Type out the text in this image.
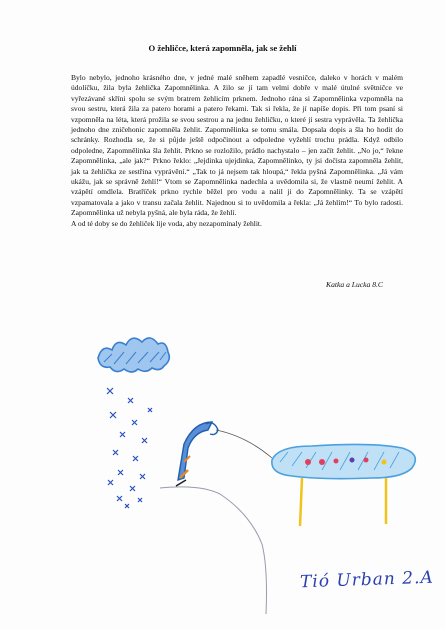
O žehličce, která zapomněla, jak se žehlí

Bylo nebylo, jednoho krásného dne, v jedné malé sněhem zapadlé vesničce, daleko v horách v malém údolíčku, žila byla žehlička Zapomnělinka. A žilo se jí tam velmi dobře v malé útulné světničce ve vyřezávané skříni spolu se svým bratrem žehlicím prknem. Jednoho rána si Zapomnělinka vzpomněla na svou sestru, která žila za patero horami a patero řekami. Tak si řekla, že jí napíše dopis. Při tom psaní si vzpomněla na léta, která prožila se svou sestrou a na jednu žehličku, o které jí sestra vyprávěla. Ta žehlička jednoho dne zničehonic zapomněla žehlit. Zapomnělinka se tomu smála. Dopsala dopis a šla ho hodit do schránky. Rozhodla se, že si půjde ještě odpočinout a odpoledne vyžehlí trochu prádla. Když odbilo odpoledne, Zapomnělinka šla žehlit. Prkno se rozložilo, prádlo nachystalo – jen začít žehlit. „No jo,“ řekne Zapomnělinka, „ale jak?“ Prkno řeklo: „Jejdinka ujejdinka, Zapomnělinko, ty jsi dočista zapomněla žehlit, jak ta žehlička ze sestřina vyprávění.“ „Tak to já nejsem tak hloupá,“ řekla pyšná Zapomnělinka. „Já vám ukážu, jak se správně žehlí!“ Vtom se Zapomnělinka nadechla a uvědomila si, že vlastně neumí žehlit. A vzápětí omdlela. Bratříček prkno rychle běžel pro vodu a nalil ji do Zapomnělinky. Ta se vzápětí vzpamatovala a jako v transu začala žehlit. Najednou si to uvědomila a řekla: „Já žehlím!“ To bylo radosti. Zapomnělinka už nebyla pyšná, ale byla ráda, že žehlí.

A od té doby se do žehliček lije voda, aby nezapomínaly žehlit.

Katka a Lucka 8.C
Tió Urban 2.A
